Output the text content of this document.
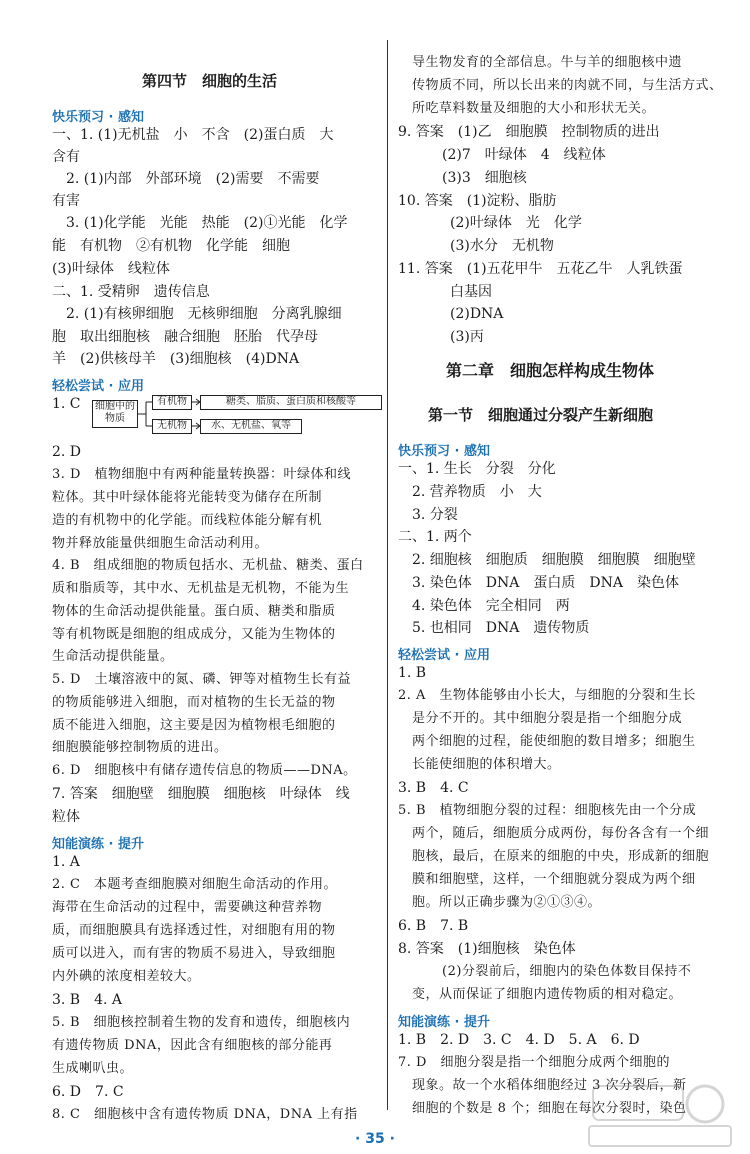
第四节　细胞的生活
快乐预习 · 感知
一、1. (1)无机盐　小　不含　(2)蛋白质　大
含有
2. (1)内部　外部环境　(2)需要　不需要
有害
3. (1)化学能　光能　热能　(2)①光能　化学
能　有机物　②有机物　化学能　细胞
(3)叶绿体　线粒体
二、1. 受精卵　遗传信息
2. (1)有核卵细胞　无核卵细胞　分离乳腺细
胞　取出细胞核　融合细胞　胚胎　代孕母
羊　(2)供核母羊　(3)细胞核　(4)DNA
轻松尝试 · 应用
1. C	细胞中的物质
有机物	糖类、脂质、蛋白质和核酸等
无机物	水、无机盐、氧等
2. D
3. D　植物细胞中有两种能量转换器：叶绿体和线
粒体。其中叶绿体能将光能转变为储存在所制
造的有机物中的化学能。而线粒体能分解有机
物并释放能量供细胞生命活动利用。
4. B　组成细胞的物质包括水、无机盐、糖类、蛋白
质和脂质等，其中水、无机盐是无机物，不能为生
物体的生命活动提供能量。蛋白质、糖类和脂质
等有机物既是细胞的组成成分，又能为生物体的
生命活动提供能量。
5. D　土壤溶液中的氮、磷、钾等对植物生长有益
的物质能够进入细胞，而对植物的生长无益的物
质不能进入细胞，这主要是因为植物根毛细胞的
细胞膜能够控制物质的进出。
6. D　细胞核中有储存遗传信息的物质——DNA。
7. 答案　细胞壁　细胞膜　细胞核　叶绿体　线
粒体
知能演练 · 提升
1. A
2. C　本题考查细胞膜对细胞生命活动的作用。
海带在生命活动的过程中，需要碘这种营养物
质，而细胞膜具有选择透过性，对细胞有用的物
质可以进入，而有害的物质不易进入，导致细胞
内外碘的浓度相差较大。
3. B　4. A
5. B　细胞核控制着生物的发育和遗传，细胞核内
有遗传物质 DNA，因此含有细胞核的部分能再
生成喇叭虫。
6. D　7. C
8. C　细胞核中含有遗传物质 DNA，DNA 上有指
导生物发育的全部信息。牛与羊的细胞核中遗
传物质不同，所以长出来的肉就不同，与生活方式、
所吃草料数量及细胞的大小和形状无关。
9. 答案　(1)乙　细胞膜　控制物质的进出
(2)7　叶绿体　4　线粒体
(3)3　细胞核
10. 答案　(1)淀粉、脂肪
(2)叶绿体　光　化学
(3)水分　无机物
11. 答案　(1)五花甲牛　五花乙牛　人乳铁蛋
白基因
(2)DNA
(3)丙
第二章　细胞怎样构成生物体
第一节　细胞通过分裂产生新细胞
快乐预习 · 感知
一、1. 生长　分裂　分化
2. 营养物质　小　大
3. 分裂
二、1. 两个
2. 细胞核　细胞质　细胞膜　细胞膜　细胞壁
3. 染色体　DNA　蛋白质　DNA　染色体
4. 染色体　完全相同　两
5. 也相同　DNA　遗传物质
轻松尝试 · 应用
1. B
2. A　生物体能够由小长大，与细胞的分裂和生长
是分不开的。其中细胞分裂是指一个细胞分成
两个细胞的过程，能使细胞的数目增多；细胞生
长能使细胞的体积增大。
3. B　4. C
5. B　植物细胞分裂的过程：细胞核先由一个分成
两个，随后，细胞质分成两份，每份各含有一个细
胞核，最后，在原来的细胞的中央，形成新的细胞
膜和细胞壁，这样，一个细胞就分裂成为两个细
胞。所以正确步骤为②①③④。
6. B　7. B
8. 答案　(1)细胞核　染色体
(2)分裂前后，细胞内的染色体数目保持不
变，从而保证了细胞内遗传物质的相对稳定。
知能演练 · 提升
1. B　2. D　3. C　4. D　5. A　6. D
7. D　细胞分裂是指一个细胞分成两个细胞的
现象。故一个水稻体细胞经过 3 次分裂后，新
细胞的个数是 8 个；细胞在每次分裂时，染色
· 35 ·
